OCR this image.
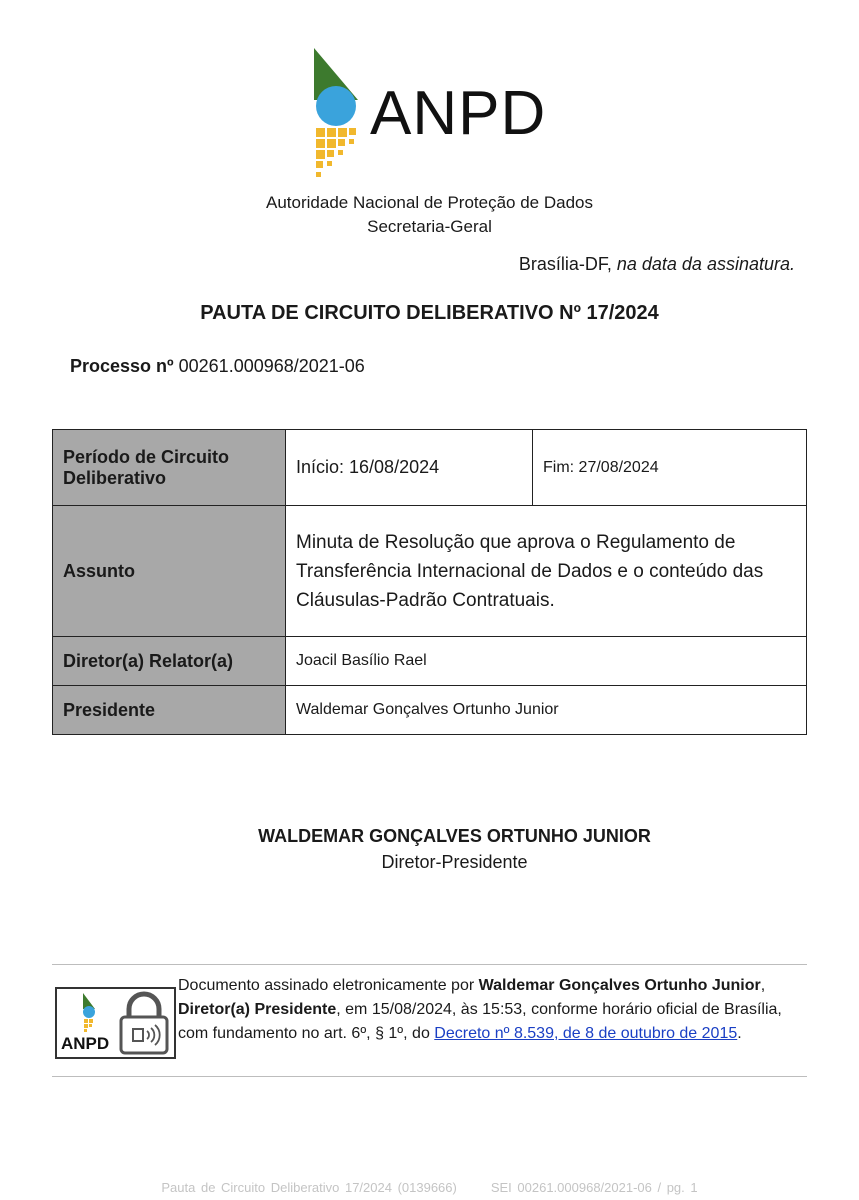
ANPD
Autoridade Nacional de Proteção de Dados
Secretaria-Geral
Brasília-DF, na data da assinatura.
PAUTA DE CIRCUITO DELIBERATIVO Nº 17/2024
Processo nº 00261.000968/2021-06
Período de Circuito Deliberativo	Início: 16/08/2024	Fim: 27/08/2024
Assunto	Minuta de Resolução que aprova o Regulamento de Transferência Internacional de Dados e o conteúdo das Cláusulas-Padrão Contratuais.	
Diretor(a) Relator(a)	Joacil Basílio Rael	
Presidente	Waldemar Gonçalves Ortunho Junior	
WALDEMAR GONÇALVES ORTUNHO JUNIOR
Diretor-Presidente
ANPD
Documento assinado eletronicamente por Waldemar Gonçalves Ortunho Junior, Diretor(a) Presidente, em 15/08/2024, às 15:53, conforme horário oficial de Brasília, com fundamento no art. 6º, § 1º, do Decreto nº 8.539, de 8 de outubro de 2015.
Pauta de Circuito Deliberativo 17/2024 (0139666)	SEI 00261.000968/2021-06 / pg. 1
